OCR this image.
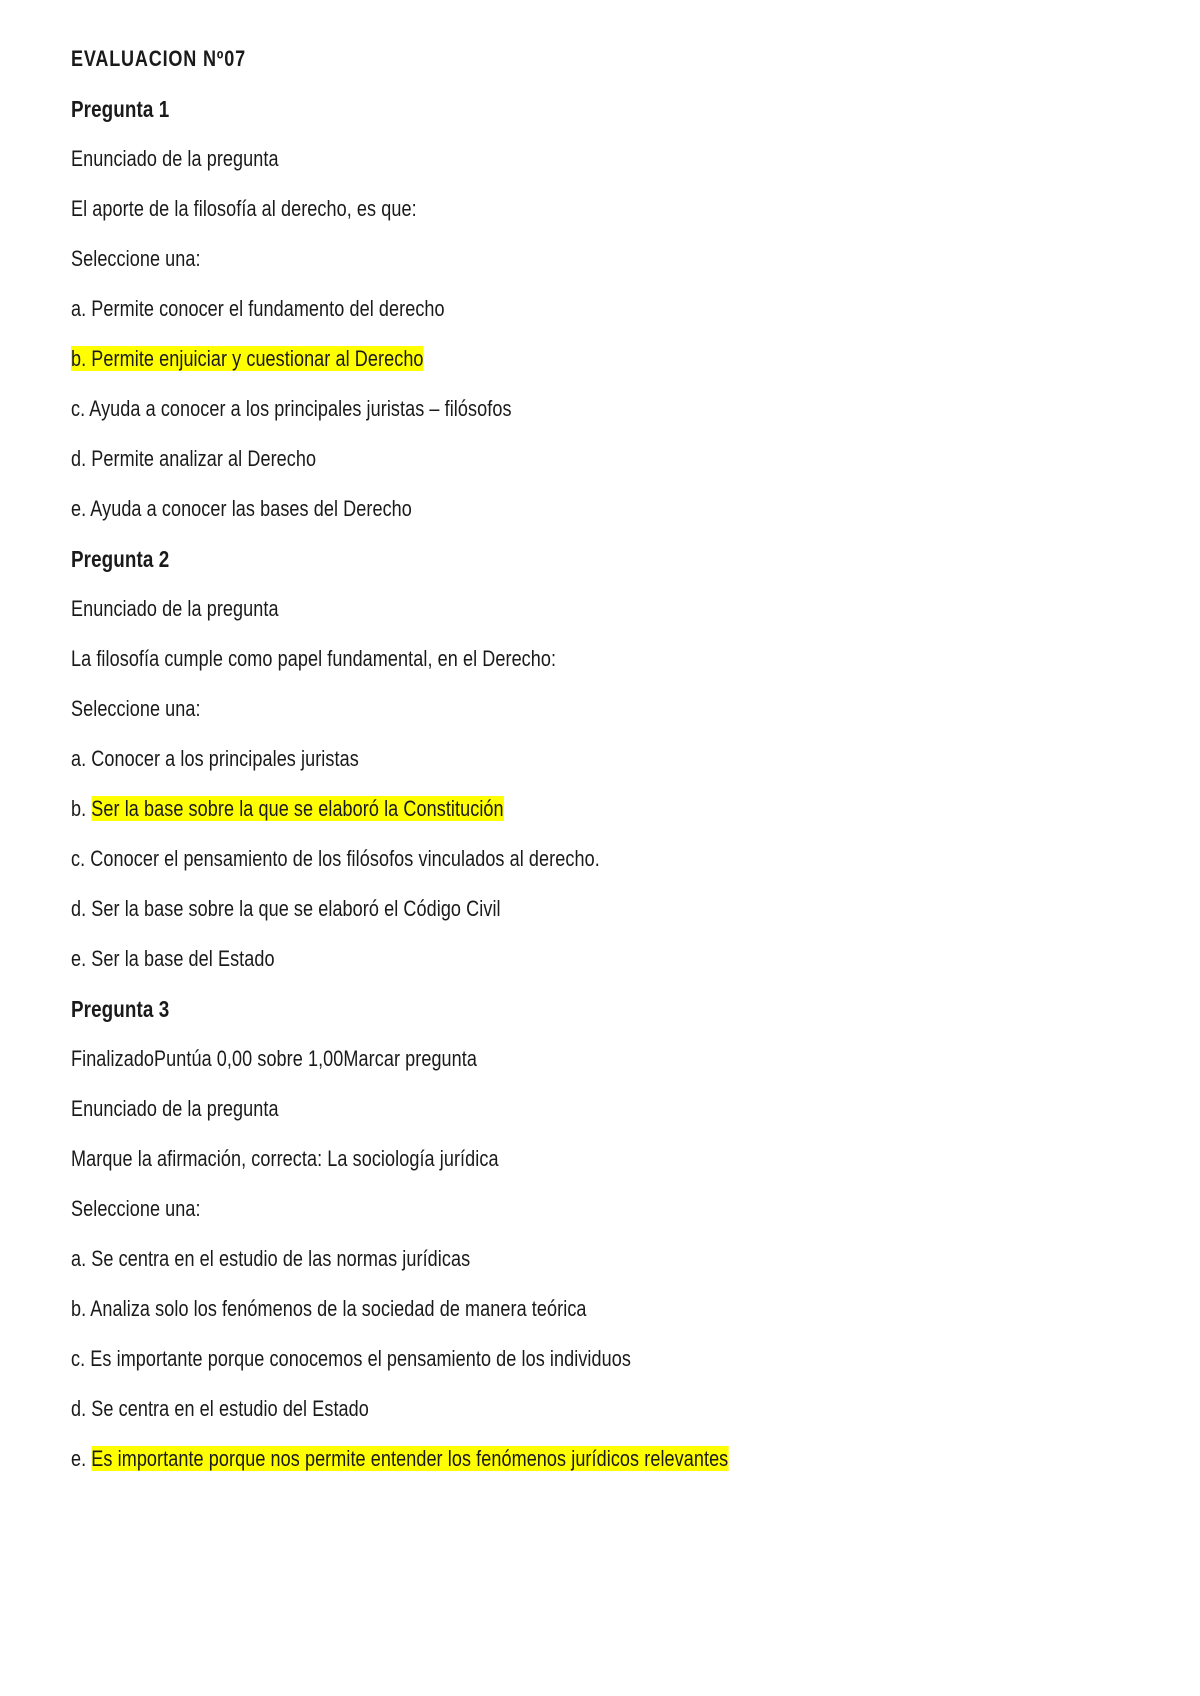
EVALUACION Nº07
Pregunta 1
Enunciado de la pregunta
El aporte de la filosofía al derecho, es que:
Seleccione una:
a. Permite conocer el fundamento del derecho
b. Permite enjuiciar y cuestionar al Derecho
c. Ayuda a conocer a los principales juristas – filósofos
d. Permite analizar al Derecho
e. Ayuda a conocer las bases del Derecho
Pregunta 2
Enunciado de la pregunta
La filosofía cumple como papel fundamental, en el Derecho:
Seleccione una:
a. Conocer a los principales juristas
b. Ser la base sobre la que se elaboró la Constitución
c. Conocer el pensamiento de los filósofos vinculados al derecho.
d. Ser la base sobre la que se elaboró el Código Civil
e. Ser la base del Estado
Pregunta 3
FinalizadoPuntúa 0,00 sobre 1,00Marcar pregunta
Enunciado de la pregunta
Marque la afirmación, correcta: La sociología jurídica
Seleccione una:
a. Se centra en el estudio de las normas jurídicas
b. Analiza solo los fenómenos de la sociedad de manera teórica
c. Es importante porque conocemos el pensamiento de los individuos
d. Se centra en el estudio del Estado
e. Es importante porque nos permite entender los fenómenos jurídicos relevantes
